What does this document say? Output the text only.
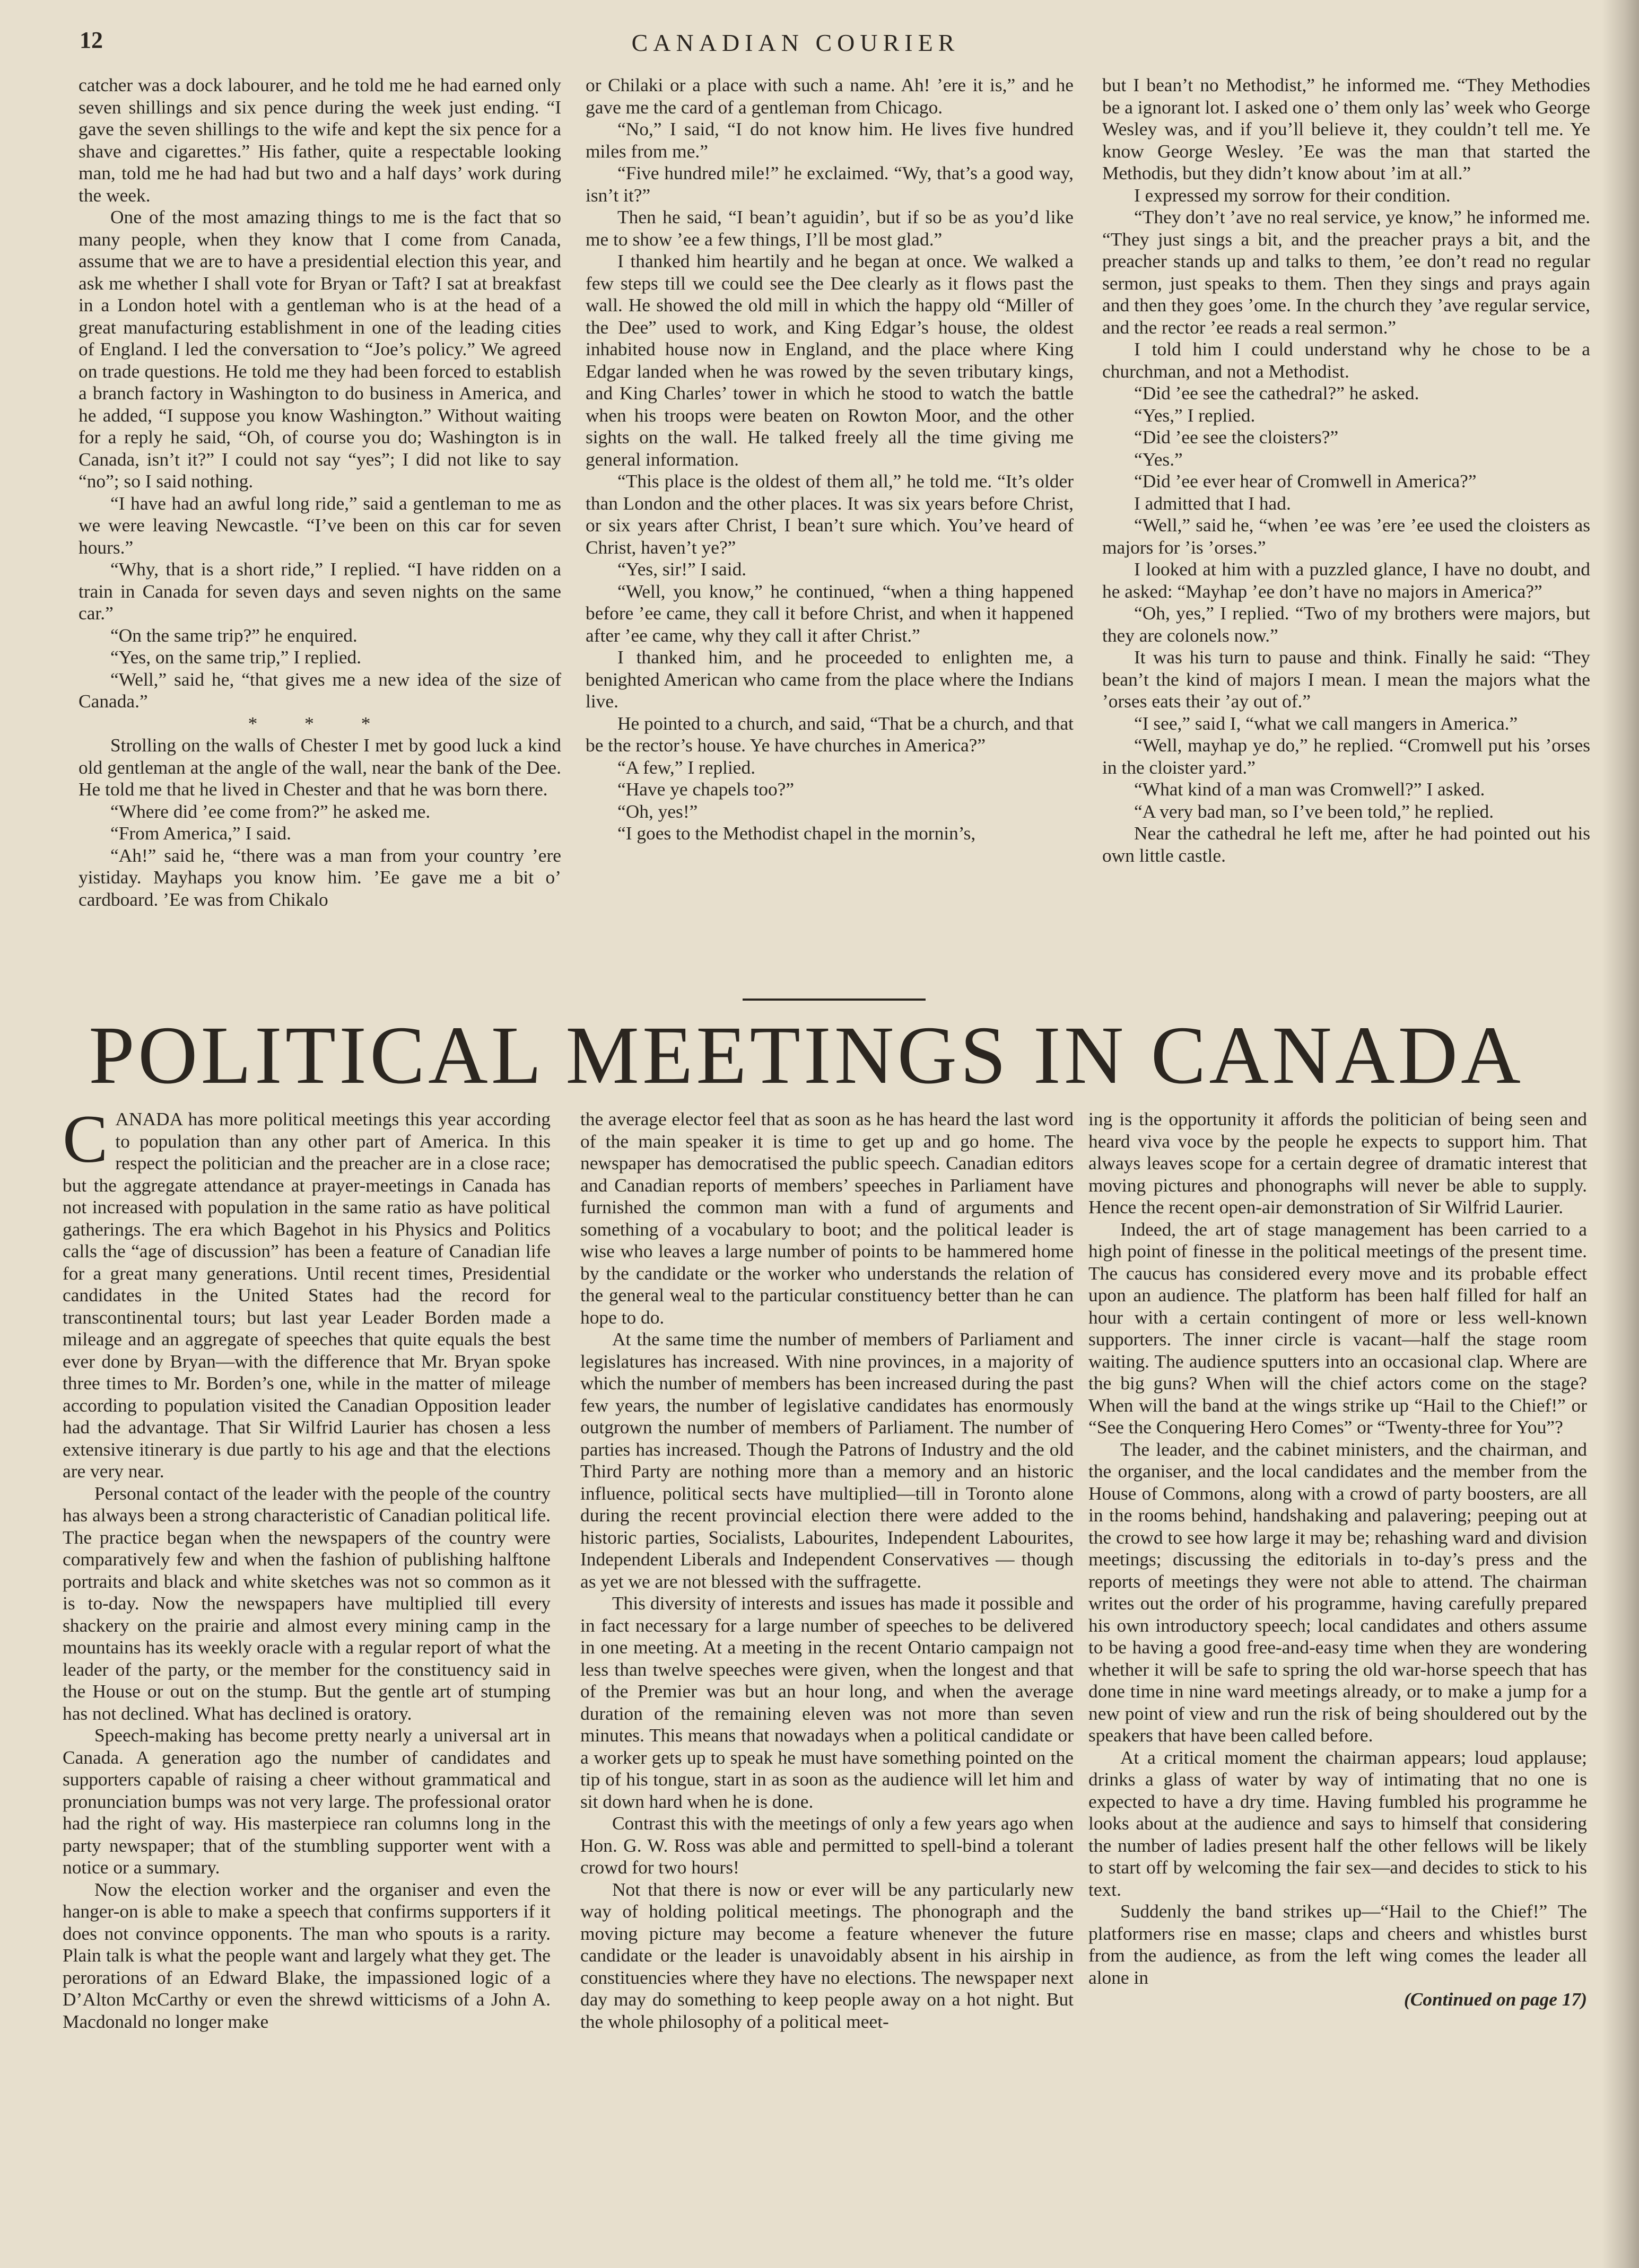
12	CANADIAN COURIER

catcher was a dock labourer, and he told me he had earned only seven shillings and six pence during the week just ending. “I gave the seven shillings to the wife and kept the six pence for a shave and cigarettes.” His father, quite a respectable looking man, told me he had had but two and a half days’ work during the week.

One of the most amazing things to me is the fact that so many people, when they know that I come from Canada, assume that we are to have a presidential election this year, and ask me whether I shall vote for Bryan or Taft? I sat at breakfast in a London hotel with a gentleman who is at the head of a great manufacturing establishment in one of the leading cities of England. I led the conversation to “Joe’s policy.” We agreed on trade questions. He told me they had been forced to establish a branch factory in Washington to do business in America, and he added, “I suppose you know Washington.” Without waiting for a reply he said, “Oh, of course you do; Washington is in Canada, isn’t it?” I could not say “yes”; I did not like to say “no”; so I said nothing.

“I have had an awful long ride,” said a gentleman to me as we were leaving Newcastle. “I’ve been on this car for seven hours.”

“Why, that is a short ride,” I replied. “I have ridden on a train in Canada for seven days and seven nights on the same car.”

“On the same trip?” he enquired.

“Yes, on the same trip,” I replied.

“Well,” said he, “that gives me a new idea of the size of Canada.”

* * *

Strolling on the walls of Chester I met by good luck a kind old gentleman at the angle of the wall, near the bank of the Dee. He told me that he lived in Chester and that he was born there.

“Where did ’ee come from?” he asked me.

“From America,” I said.

“Ah!” said he, “there was a man from your country ’ere yistiday. Mayhaps you know him. ’Ee gave me a bit o’ cardboard. ’Ee was from Chikalo

or Chilaki or a place with such a name. Ah! ’ere it is,” and he gave me the card of a gentleman from Chicago.

“No,” I said, “I do not know him. He lives five hundred miles from me.”

“Five hundred mile!” he exclaimed. “Wy, that’s a good way, isn’t it?”

Then he said, “I bean’t aguidin’, but if so be as you’d like me to show ’ee a few things, I’ll be most glad.”

I thanked him heartily and he began at once. We walked a few steps till we could see the Dee clearly as it flows past the wall. He showed the old mill in which the happy old “Miller of the Dee” used to work, and King Edgar’s house, the oldest inhabited house now in England, and the place where King Edgar landed when he was rowed by the seven tributary kings, and King Charles’ tower in which he stood to watch the battle when his troops were beaten on Rowton Moor, and the other sights on the wall. He talked freely all the time giving me general information.

“This place is the oldest of them all,” he told me. “It’s older than London and the other places. It was six years before Christ, or six years after Christ, I bean’t sure which. You’ve heard of Christ, haven’t ye?”

“Yes, sir!” I said.

“Well, you know,” he continued, “when a thing happened before ’ee came, they call it before Christ, and when it happened after ’ee came, why they call it after Christ.”

I thanked him, and he proceeded to enlighten me, a benighted American who came from the place where the Indians live.

He pointed to a church, and said, “That be a church, and that be the rector’s house. Ye have churches in America?”

“A few,” I replied.

“Have ye chapels too?”

“Oh, yes!”

“I goes to the Methodist chapel in the mornin’s,

but I bean’t no Methodist,” he informed me. “They Methodies be a ignorant lot. I asked one o’ them only las’ week who George Wesley was, and if you’ll believe it, they couldn’t tell me. Ye know George Wesley. ’Ee was the man that started the Methodis, but they didn’t know about ’im at all.”

I expressed my sorrow for their condition.

“They don’t ’ave no real service, ye know,” he informed me. “They just sings a bit, and the preacher prays a bit, and the preacher stands up and talks to them, ’ee don’t read no regular sermon, just speaks to them. Then they sings and prays again and then they goes ’ome. In the church they ’ave regular service, and the rector ’ee reads a real sermon.”

I told him I could understand why he chose to be a churchman, and not a Methodist.

“Did ’ee see the cathedral?” he asked.

“Yes,” I replied.

“Did ’ee see the cloisters?”

“Yes.”

“Did ’ee ever hear of Cromwell in America?”

I admitted that I had.

“Well,” said he, “when ’ee was ’ere ’ee used the cloisters as majors for ’is ’orses.”

I looked at him with a puzzled glance, I have no doubt, and he asked: “Mayhap ’ee don’t have no majors in America?”

“Oh, yes,” I replied. “Two of my brothers were majors, but they are colonels now.”

It was his turn to pause and think. Finally he said: “They bean’t the kind of majors I mean. I mean the majors what the ’orses eats their ’ay out of.”

“I see,” said I, “what we call mangers in America.”

“Well, mayhap ye do,” he replied. “Cromwell put his ’orses in the cloister yard.”

“What kind of a man was Cromwell?” I asked.

“A very bad man, so I’ve been told,” he replied.

Near the cathedral he left me, after he had pointed out his own little castle.

POLITICAL MEETINGS IN CANADA

CANADA has more political meetings this year according to population than any other part of America. In this respect the politician and the preacher are in a close race; but the aggregate attendance at prayer-meetings in Canada has not increased with population in the same ratio as have political gatherings. The era which Bagehot in his Physics and Politics calls the “age of discussion” has been a feature of Canadian life for a great many generations. Until recent times, Presidential candidates in the United States had the record for transcontinental tours; but last year Leader Borden made a mileage and an aggregate of speeches that quite equals the best ever done by Bryan—with the difference that Mr. Bryan spoke three times to Mr. Borden’s one, while in the matter of mileage according to population visited the Canadian Opposition leader had the advantage. That Sir Wilfrid Laurier has chosen a less extensive itinerary is due partly to his age and that the elections are very near.

Personal contact of the leader with the people of the country has always been a strong characteristic of Canadian political life. The practice began when the newspapers of the country were comparatively few and when the fashion of publishing halftone portraits and black and white sketches was not so common as it is to-day. Now the newspapers have multiplied till every shackery on the prairie and almost every mining camp in the mountains has its weekly oracle with a regular report of what the leader of the party, or the member for the constituency said in the House or out on the stump. But the gentle art of stumping has not declined. What has declined is oratory.

Speech-making has become pretty nearly a universal art in Canada. A generation ago the number of candidates and supporters capable of raising a cheer without grammatical and pronunciation bumps was not very large. The professional orator had the right of way. His masterpiece ran columns long in the party newspaper; that of the stumbling supporter went with a notice or a summary.

Now the election worker and the organiser and even the hanger-on is able to make a speech that confirms supporters if it does not convince opponents. The man who spouts is a rarity. Plain talk is what the people want and largely what they get. The perorations of an Edward Blake, the impassioned logic of a D’Alton McCarthy or even the shrewd witticisms of a John A. Macdonald no longer make

the average elector feel that as soon as he has heard the last word of the main speaker it is time to get up and go home. The newspaper has democratised the public speech. Canadian editors and Canadian reports of members’ speeches in Parliament have furnished the common man with a fund of arguments and something of a vocabulary to boot; and the political leader is wise who leaves a large number of points to be hammered home by the candidate or the worker who understands the relation of the general weal to the particular constituency better than he can hope to do.

At the same time the number of members of Parliament and legislatures has increased. With nine provinces, in a majority of which the number of members has been increased during the past few years, the number of legislative candidates has enormously outgrown the number of members of Parliament. The number of parties has increased. Though the Patrons of Industry and the old Third Party are nothing more than a memory and an historic influence, political sects have multiplied—till in Toronto alone during the recent provincial election there were added to the historic parties, Socialists, Labourites, Independent Labourites, Independent Liberals and Independent Conservatives — though as yet we are not blessed with the suffragette.

This diversity of interests and issues has made it possible and in fact necessary for a large number of speeches to be delivered in one meeting. At a meeting in the recent Ontario campaign not less than twelve speeches were given, when the longest and that of the Premier was but an hour long, and when the average duration of the remaining eleven was not more than seven minutes. This means that nowadays when a political candidate or a worker gets up to speak he must have something pointed on the tip of his tongue, start in as soon as the audience will let him and sit down hard when he is done.

Contrast this with the meetings of only a few years ago when Hon. G. W. Ross was able and permitted to spell-bind a tolerant crowd for two hours!

Not that there is now or ever will be any particularly new way of holding political meetings. The phonograph and the moving picture may become a feature whenever the future candidate or the leader is unavoidably absent in his airship in constituencies where they have no elections. The newspaper next day may do something to keep people away on a hot night. But the whole philosophy of a political meet-

ing is the opportunity it affords the politician of being seen and heard viva voce by the people he expects to support him. That always leaves scope for a certain degree of dramatic interest that moving pictures and phonographs will never be able to supply. Hence the recent open-air demonstration of Sir Wilfrid Laurier.

Indeed, the art of stage management has been carried to a high point of finesse in the political meetings of the present time. The caucus has considered every move and its probable effect upon an audience. The platform has been half filled for half an hour with a certain contingent of more or less well-known supporters. The inner circle is vacant—half the stage room waiting. The audience sputters into an occasional clap. Where are the big guns? When will the chief actors come on the stage? When will the band at the wings strike up “Hail to the Chief!” or “See the Conquering Hero Comes” or “Twenty-three for You”?

The leader, and the cabinet ministers, and the chairman, and the organiser, and the local candidates and the member from the House of Commons, along with a crowd of party boosters, are all in the rooms behind, handshaking and palavering; peeping out at the crowd to see how large it may be; rehashing ward and division meetings; discussing the editorials in to-day’s press and the reports of meetings they were not able to attend. The chairman writes out the order of his programme, having carefully prepared his own introductory speech; local candidates and others assume to be having a good free-and-easy time when they are wondering whether it will be safe to spring the old war-horse speech that has done time in nine ward meetings already, or to make a jump for a new point of view and run the risk of being shouldered out by the speakers that have been called before.

At a critical moment the chairman appears; loud applause; drinks a glass of water by way of intimating that no one is expected to have a dry time. Having fumbled his programme he looks about at the audience and says to himself that considering the number of ladies present half the other fellows will be likely to start off by welcoming the fair sex—and decides to stick to his text.

Suddenly the band strikes up—“Hail to the Chief!” The platformers rise en masse; claps and cheers and whistles burst from the audience, as from the left wing comes the leader all alone in

(Continued on page 17)
